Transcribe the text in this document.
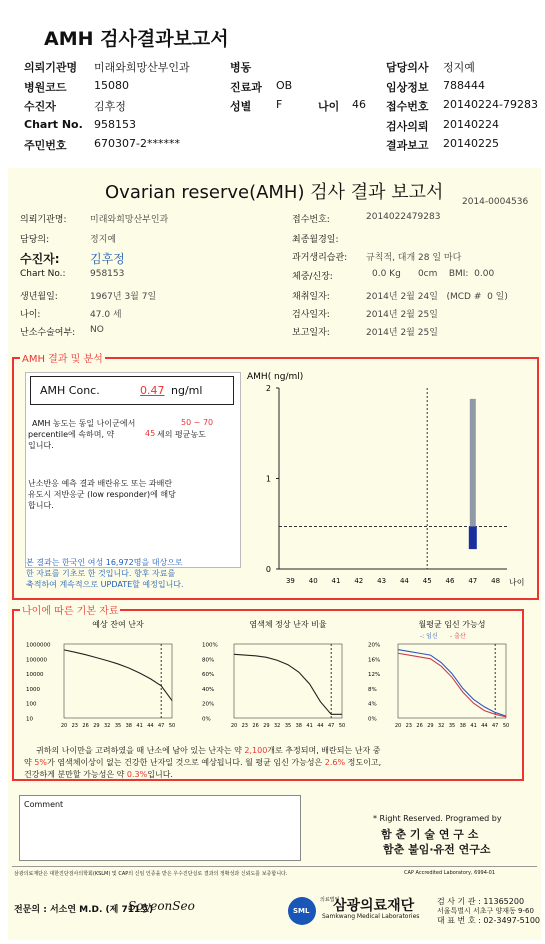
AMH 검사결과보고서
의뢰기관명 미래와희망산부인과	병동	담당의사 정지예
병원코드 15080	진료과 OB	임상정보 788444
수진자	김후정	성별 F	나이 46 접수번호 20140224-79283
Chart No. 958153	검사의뢰 20140224
주민번호 670307-2******	결과보고 20140225
Ovarian reserve(AMH) 검사 결과 보고서 2014-0004536
의뢰기관명:	미래와희망산부인과
담당의:	정지예
수진자:	김후정
Chart No.:	958153
생년월일:	1967년 3월 7일
나이:	47.0 세
난소수술여부: NO
접수번호:	2014022479283
최종월경일:
과거생리습관: 규칙적, 대개 28 일 마다
체중/신장:	0.0 Kg      0cm    BMI:  0.00
채취일자:	2014년 2월 24일   (MCD #  0 일)
검사일자:	2014년 2월 25일
보고일자:	2014년 2월 25일
AMH 결과 및 분석
AMH Conc.	0.47 ng/ml
AMH 농도는 동일 나이군에서	50 ~ 70
percentile에 속하며, 약	45 세의 평균농도
입니다.
난소반응 예측 결과 배란유도 또는 과배란
유도시 저반응군 (low responder)에 해당
합니다.
본 결과는 한국인 여성 16,972명을 대상으로
한 자료를 기초로 한 것입니다. 향후 자료를
축적하여 계속적으로 UPDATE할 예정입니다.
AMH( ng/ml)
0
1
2
39 40 41 42 43 44 45 46 47 48 나이
나이에 따른 기본 자료
예상 잔여 난자
1000000
100000
10000
1000
100
10
20 23 26 29 32 35 38 41 44 47 50
염색체 정상 난자 비율
100%
80%
60%
40%
20%
0%
20 23 26 29 32 35 38 41 44 47 50
월평균 임신 가능성
20%
16%
12%
8%
4%
0%
20 23 26 29 32 35 38 41 44 47 50
-: 임신 - 출산
귀하의 나이만을 고려하였을 때 난소에 남아 있는 난자는 약 2,100개로 추정되며, 배란되는 난자 중
약 5%가 염색체이상이 없는 건강한 난자일 것으로 예상됩니다. 월 평균 임신 가능성은 2.6% 정도이고,
건강하게 분만할 가능성은 약 0.3%입니다.
Comment
* Right Reserved. Programed by
함 춘 기 술 연 구 소
함춘 불임·유전 연구소
삼광의료재단은 대한진단검사의학회(KSLM) 및 CAP의 신임 인증을 받은 우수진단실로 결과의 정확성과 신뢰도를 보증합니다.	CAP Accredited Laboratory, 6994-01
전문의 : 서소연 M.D. (제 711호)
SoyeonSeo	SML
의료법인
삼광의료재단
Samkwang Medical Laboratories
검 사 기 관 : 11365200
서울특별시 서초구 양재동 9-60
대 표 번 호 : 02-3497-5100
